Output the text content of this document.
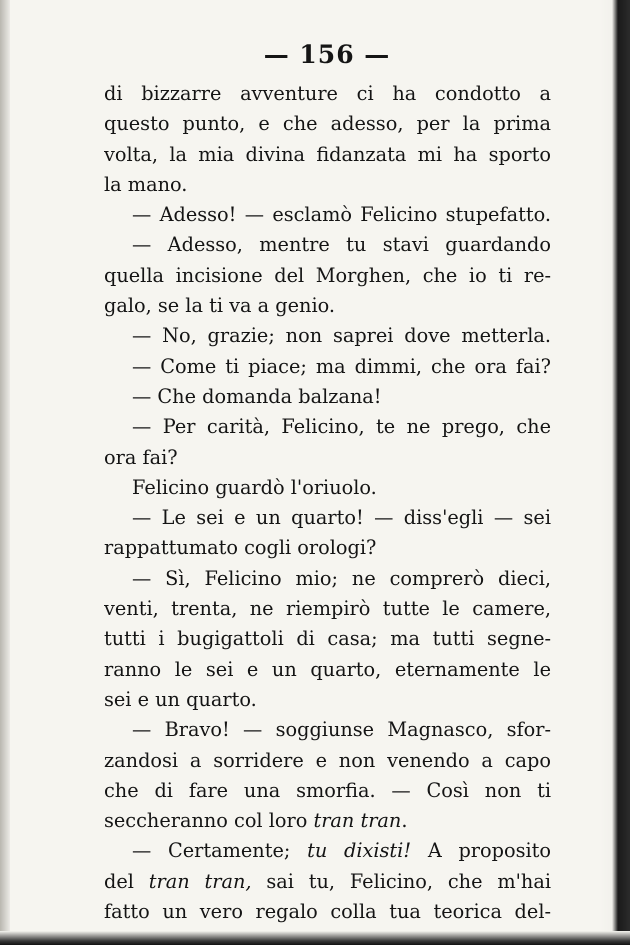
— 156 —
di bizzarre avventure ci ha condotto a
questo punto, e che adesso, per la prima
volta, la mia divina fidanzata mi ha sporto
la mano.
— Adesso! — esclamò Felicino stupefatto.
— Adesso, mentre tu stavi guardando
quella incisione del Morghen, che io ti re-
galo, se la ti va a genio.
— No, grazie; non saprei dove metterla.
— Come ti piace; ma dimmi, che ora fai?
— Che domanda balzana!
— Per carità, Felicino, te ne prego, che
ora fai?
Felicino guardò l'oriuolo.
— Le sei e un quarto! — diss'egli — sei
rappattumato cogli orologi?
— Sì, Felicino mio; ne comprerò dieci,
venti, trenta, ne riempirò tutte le camere,
tutti i bugigattoli di casa; ma tutti segne-
ranno le sei e un quarto, eternamente le
sei e un quarto.
— Bravo! — soggiunse Magnasco, sfor-
zandosi a sorridere e non venendo a capo
che di fare una smorfia. — Così non ti
seccheranno col loro tran tran.
— Certamente; tu dixisti! A proposito
del tran tran, sai tu, Felicino, che m'hai
fatto un vero regalo colla tua teorica del-
